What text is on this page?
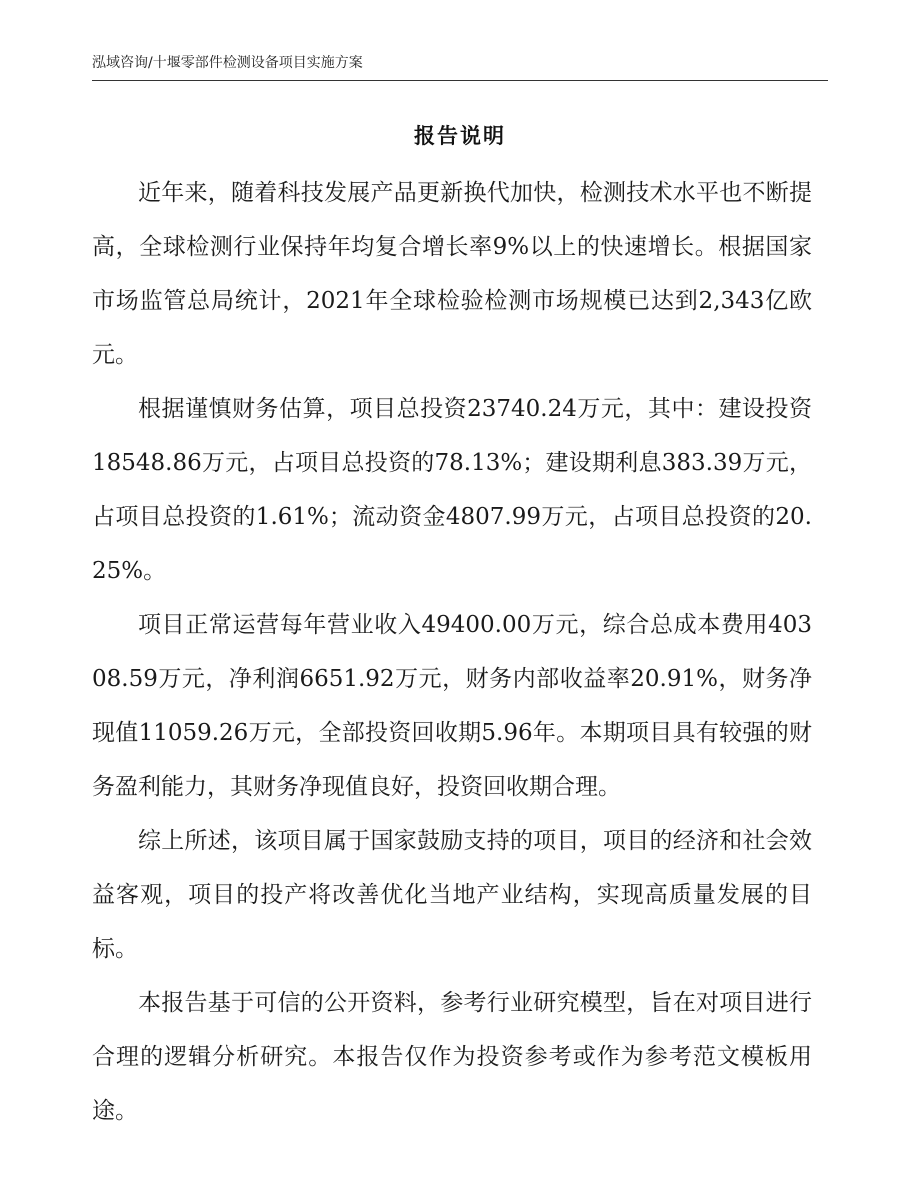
泓域咨询/十堰零部件检测设备项目实施方案
报告说明

近年来，随着科技发展产品更新换代加快，检测技术水平也不断提高，全球检测行业保持年均复合增长率9%以上的快速增长。根据国家市场监管总局统计，2021年全球检验检测市场规模已达到2,343亿欧元。

根据谨慎财务估算，项目总投资23740.24万元，其中：建设投资18548.86万元，占项目总投资的78.13%；建设期利息383.39万元，占项目总投资的1.61%；流动资金4807.99万元，占项目总投资的20.25%。

项目正常运营每年营业收入49400.00万元，综合总成本费用40308.59万元，净利润6651.92万元，财务内部收益率20.91%，财务净现值11059.26万元，全部投资回收期5.96年。本期项目具有较强的财务盈利能力，其财务净现值良好，投资回收期合理。

综上所述，该项目属于国家鼓励支持的项目，项目的经济和社会效益客观，项目的投产将改善优化当地产业结构，实现高质量发展的目标。

本报告基于可信的公开资料，参考行业研究模型，旨在对项目进行合理的逻辑分析研究。本报告仅作为投资参考或作为参考范文模板用途。
